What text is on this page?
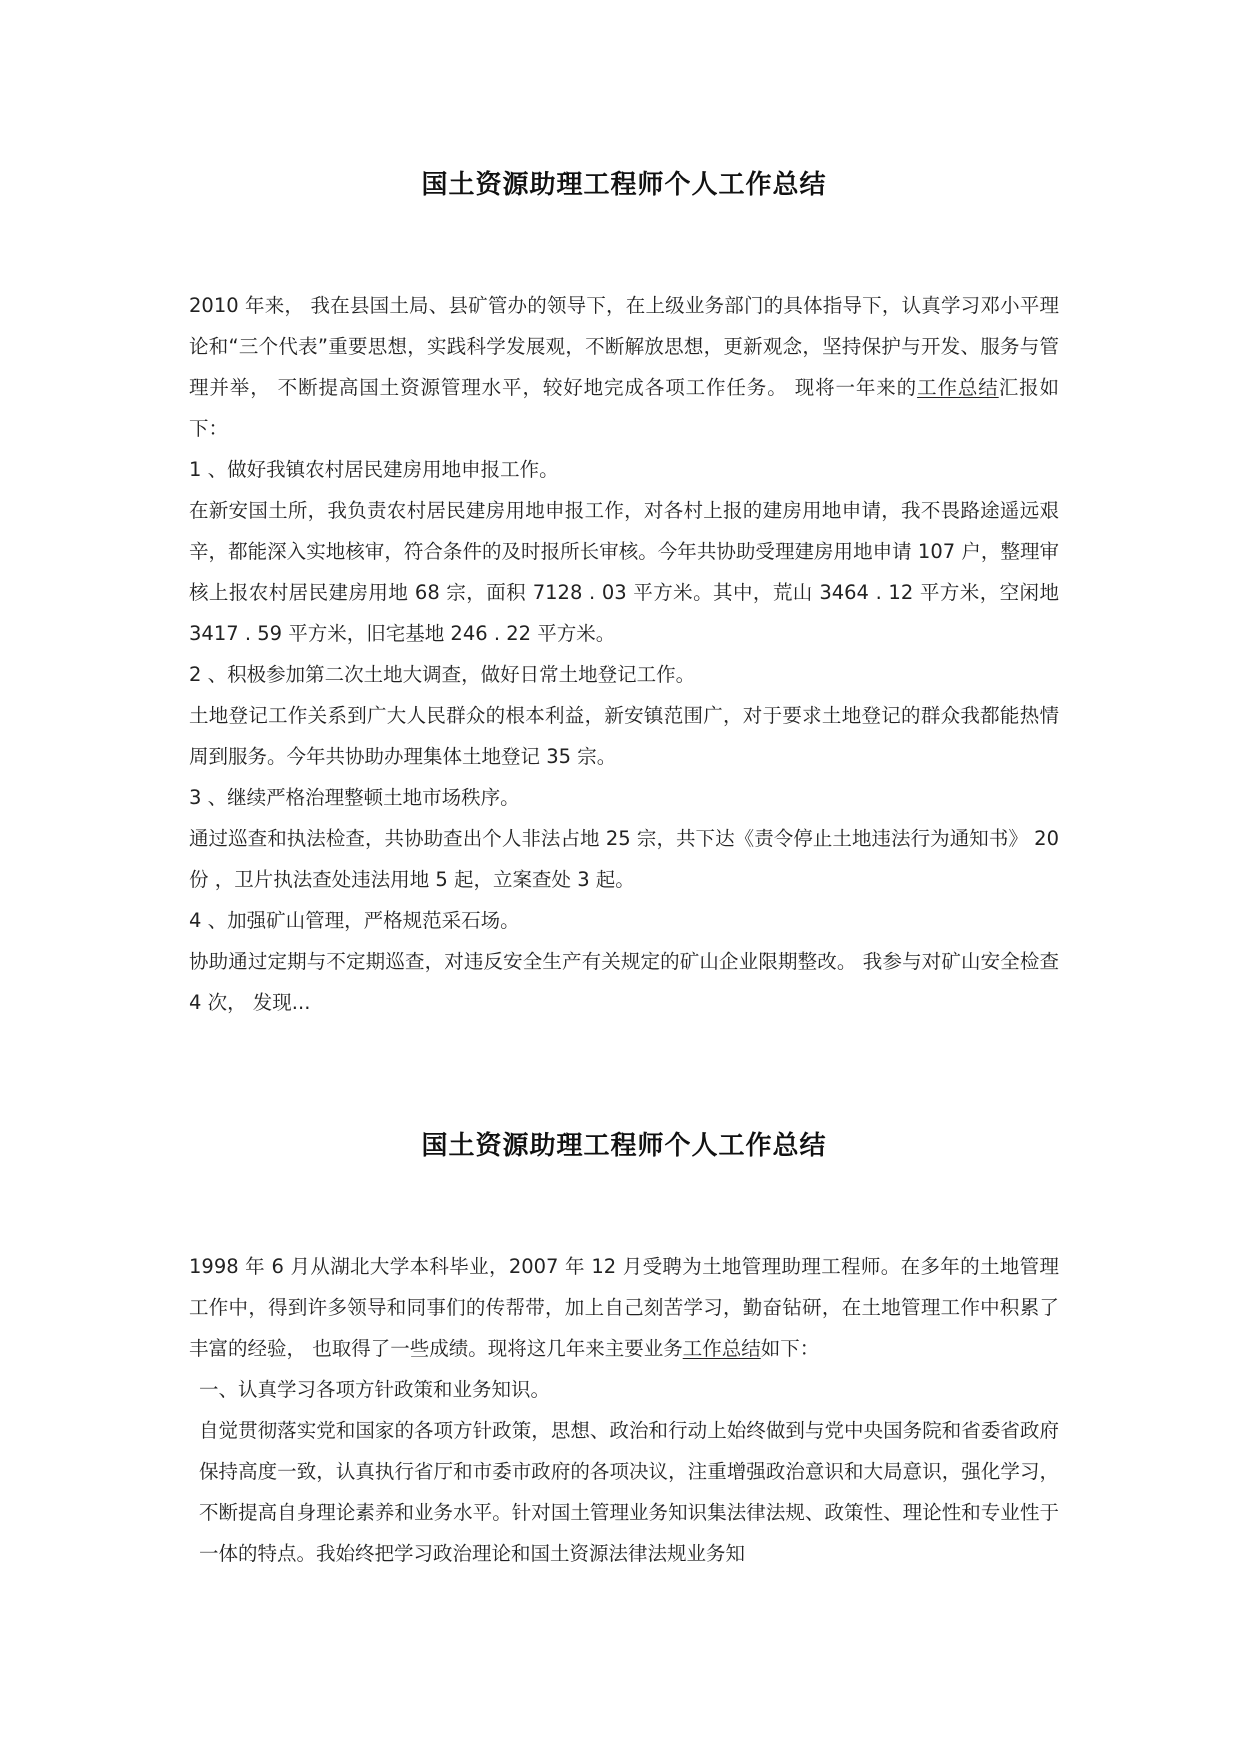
国土资源助理工程师个人工作总结

2010 年来， 我在县国土局、县矿管办的领导下，在上级业务部门的具体指导下，认真学习邓小平理论和“三个代表”重要思想，实践科学发展观，不断解放思想，更新观念，坚持保护与开发、服务与管理并举， 不断提高国土资源管理水平，较好地完成各项工作任务。 现将一年来的工作总结汇报如下：

1 、做好我镇农村居民建房用地申报工作。

在新安国土所，我负责农村居民建房用地申报工作，对各村上报的建房用地申请，我不畏路途遥远艰辛，都能深入实地核审，符合条件的及时报所长审核。今年共协助受理建房用地申请 107 户，整理审核上报农村居民建房用地 68 宗，面积 7128 . 03 平方米。其中，荒山 3464 . 12 平方米，空闲地 3417 . 59 平方米，旧宅基地 246 . 22 平方米。

2 、积极参加第二次土地大调查，做好日常土地登记工作。

土地登记工作关系到广大人民群众的根本利益，新安镇范围广，对于要求土地登记的群众我都能热情周到服务。今年共协助办理集体土地登记 35 宗。

3 、继续严格治理整顿土地市场秩序。

通过巡查和执法检查，共协助查出个人非法占地 25 宗，共下达《责令停止土地违法行为通知书》 20 份 ，卫片执法查处违法用地 5 起，立案查处 3 起。

4 、加强矿山管理，严格规范采石场。

协助通过定期与不定期巡查，对违反安全生产有关规定的矿山企业限期整改。 我参与对矿山安全检查 4 次， 发现...

国土资源助理工程师个人工作总结

1998 年 6 月从湖北大学本科毕业，2007 年 12 月受聘为土地管理助理工程师。在多年的土地管理工作中，得到许多领导和同事们的传帮带，加上自己刻苦学习，勤奋钻研，在土地管理工作中积累了丰富的经验， 也取得了一些成绩。现将这几年来主要业务工作总结如下：

一、认真学习各项方针政策和业务知识。

自觉贯彻落实党和国家的各项方针政策，思想、政治和行动上始终做到与党中央国务院和省委省政府保持高度一致，认真执行省厅和市委市政府的各项决议，注重增强政治意识和大局意识，强化学习，不断提高自身理论素养和业务水平。针对国土管理业务知识集法律法规、政策性、理论性和专业性于一体的特点。我始终把学习政治理论和国土资源法律法规业务知
